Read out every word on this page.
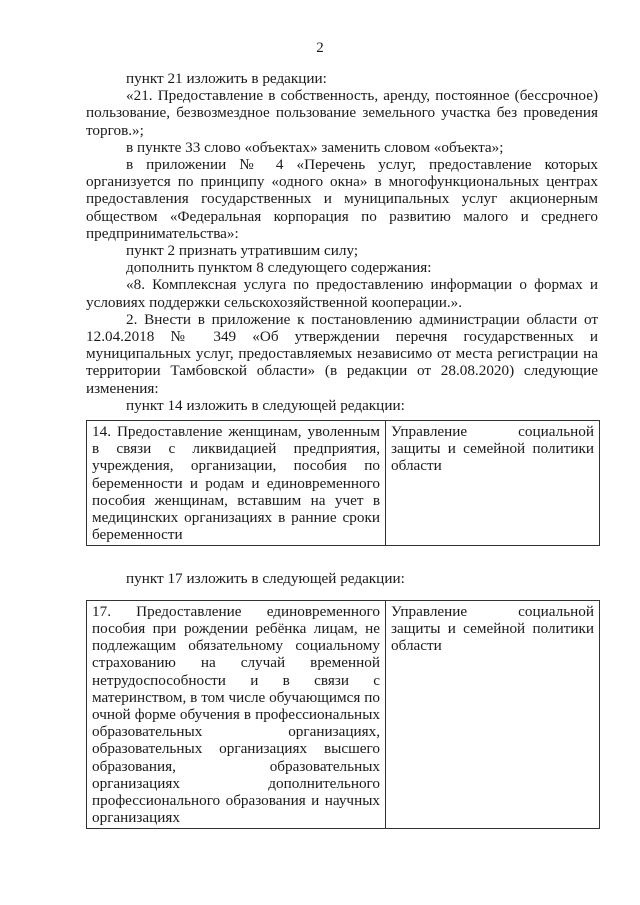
2

пункт 21 изложить в редакции:

«21. Предоставление в собственность, аренду, постоянное (бессрочное) пользование, безвозмездное пользование земельного участка без проведения торгов.»;

в пункте 33 слово «объектах» заменить словом «объекта»;

в приложении № 4 «Перечень услуг, предоставление которых организуется по принципу «одного окна» в многофункциональных центрах предоставления государственных и муниципальных услуг акционерным обществом «Федеральная корпорация по развитию малого и среднего предпринимательства»:

пункт 2 признать утратившим силу;

дополнить пунктом 8 следующего содержания:

«8. Комплексная услуга по предоставлению информации о формах и условиях поддержки сельскохозяйственной кооперации.».

2. Внести в приложение к постановлению администрации области от 12.04.2018 № 349 «Об утверждении перечня государственных и муниципальных услуг, предоставляемых независимо от места регистрации на территории Тамбовской области» (в редакции от 28.08.2020) следующие изменения:

пункт 14 изложить в следующей редакции:

14. Предоставление женщинам, уволенным в связи с ликвидацией предприятия, учреждения, организации, пособия по беременности и родам и единовременного пособия женщинам, вставшим на учет в медицинских организациях в ранние сроки беременности	Управление социальной защиты и семейной политики области

пункт 17 изложить в следующей редакции:

17. Предоставление единовременного пособия при рождении ребёнка лицам, не подлежащим обязательному социальному страхованию на случай временной нетрудоспособности и в связи с материнством, в том числе обучающимся по очной форме обучения в профессиональных образовательных организациях, образовательных организациях высшего образования, образовательных организациях дополнительного профессионального образования и научных организациях	Управление социальной защиты и семейной политики области
